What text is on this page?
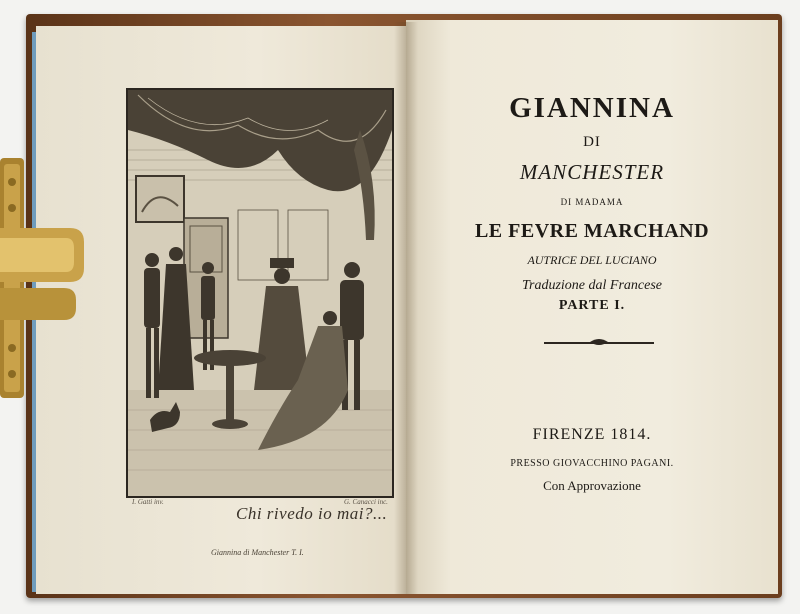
I. Gatti inv.	G. Canacci inc.
Chi rivedo io mai?...
Giannina di Manchester T. I.
GIANNINA
DI
MANCHESTER
DI MADAMA
LE FEVRE MARCHAND
AUTRICE DEL LUCIANO
Traduzione dal Francese
PARTE I.
FIRENZE 1814.
PRESSO GIOVACCHINO PAGANI.
Con Approvazione
